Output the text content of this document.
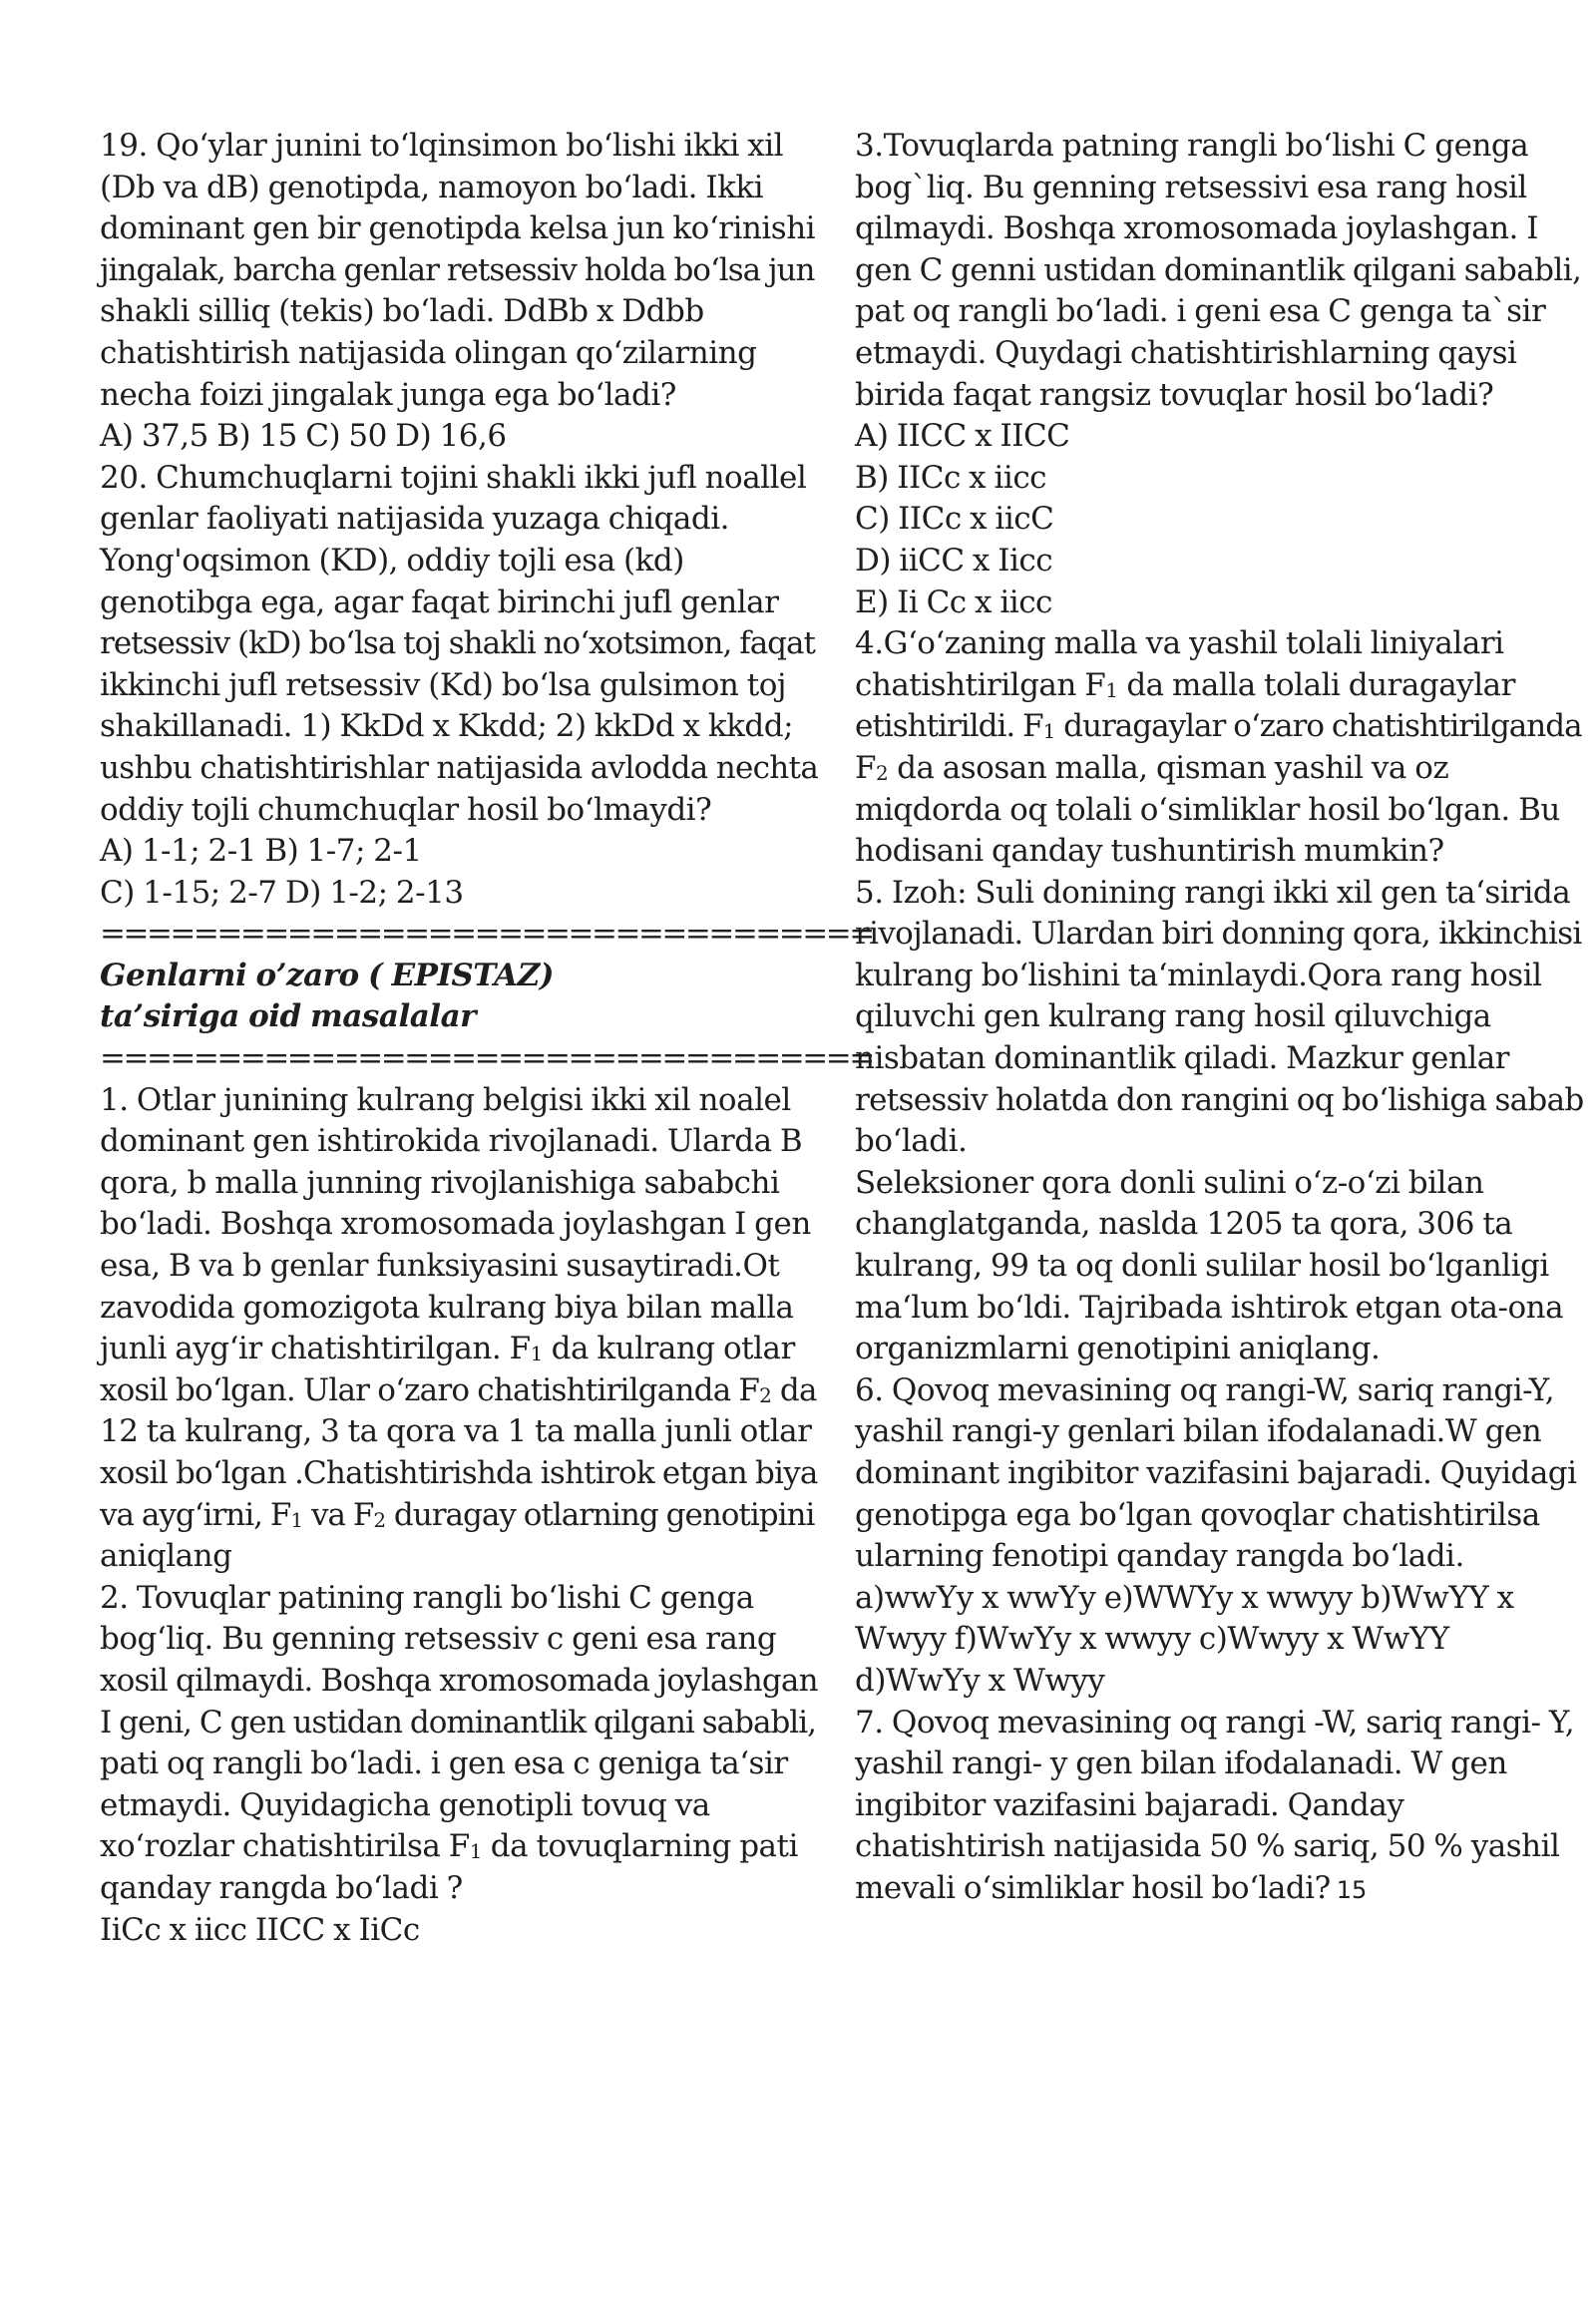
19. Qo‘ylar junini to‘lqinsimon bo‘lishi ikki xil
(Db va dB) genotipda, namoyon bo‘ladi. Ikki
dominant gen bir genotipda kelsa jun ko‘rinishi
jingalak, barcha genlar retsessiv holda bo‘lsa jun
shakli silliq (tekis) bo‘ladi. DdBb x Ddbb
chatishtirish natijasida olingan qo‘zilarning
necha foizi jingalak junga ega bo‘ladi?
A) 37,5 B) 15 C) 50 D) 16,6
20. Chumchuqlarni tojini shakli ikki jufl noallel
genlar faoliyati natijasida yuzaga chiqadi.
Yong'oqsimon (KD), oddiy tojli esa (kd)
genotibga ega, agar faqat birinchi jufl genlar
retsessiv (kD) bo‘lsa toj shakli no‘xotsimon, faqat
ikkinchi jufl retsessiv (Kd) bo‘lsa gulsimon toj
shakillanadi. 1) KkDd x Kkdd; 2) kkDd x kkdd;
ushbu chatishtirishlar natijasida avlodda nechta
oddiy tojli chumchuqlar hosil bo‘lmaydi?
A) 1-1; 2-1 B) 1-7; 2-1
C) 1-15; 2-7 D) 1-2; 2-13
=================================
Genlarni o’zaro ( EPISTAZ)
ta’siriga oid masalalar
=================================
1. Otlar junining kulrang belgisi ikki xil noalel
dominant gen ishtirokida rivojlanadi. Ularda B
qora, b malla junning rivojlanishiga sababchi
bo‘ladi. Boshqa xromosomada joylashgan I gen
esa, B va b genlar funksiyasini susaytiradi.Ot
zavodida gomozigota kulrang biya bilan malla
junli ayg‘ir chatishtirilgan. F1 da kulrang otlar
xosil bo‘lgan. Ular o‘zaro chatishtirilganda F2 da
12 ta kulrang, 3 ta qora va 1 ta malla junli otlar
xosil bo‘lgan .Chatishtirishda ishtirok etgan biya
va ayg‘irni, F1 va F2 duragay otlarning genotipini
aniqlang
2. Tovuqlar patining rangli bo‘lishi C genga
bog‘liq. Bu genning retsessiv c geni esa rang
xosil qilmaydi. Boshqa xromosomada joylashgan
I geni, C gen ustidan dominantlik qilgani sababli,
pati oq rangli bo‘ladi. i gen esa c geniga ta‘sir
etmaydi. Quyidagicha genotipli tovuq va
xo‘rozlar chatishtirilsa F1 da tovuqlarning pati
qanday rangda bo‘ladi ?
IiCc x iicc IICC x IiCc
3.Tovuqlarda patning rangli bo‘lishi C genga
bog`liq. Bu genning retsessivi esa rang hosil
qilmaydi. Boshqa xromosomada joylashgan. I
gen C genni ustidan dominantlik qilgani sababli,
pat oq rangli bo‘ladi. i geni esa C genga ta`sir
etmaydi. Quydagi chatishtirishlarning qaysi
birida faqat rangsiz tovuqlar hosil bo‘ladi?
A) IICC x IICC
B) IICc x iicc
C) IICc x iicC
D) iiCC x Iicc
E) Ii Cc x iicc
4.G‘o‘zaning malla va yashil tolali liniyalari
chatishtirilgan F1 da malla tolali duragaylar
etishtirildi. F1 duragaylar o‘zaro chatishtirilganda
F2 da asosan malla, qisman yashil va oz
miqdorda oq tolali o‘simliklar hosil bo‘lgan. Bu
hodisani qanday tushuntirish mumkin?
5. Izoh: Suli donining rangi ikki xil gen ta‘sirida
rivojlanadi. Ulardan biri donning qora, ikkinchisi
kulrang bo‘lishini ta‘minlaydi.Qora rang hosil
qiluvchi gen kulrang rang hosil qiluvchiga
nisbatan dominantlik qiladi. Mazkur genlar
retsessiv holatda don rangini oq bo‘lishiga sabab
bo‘ladi.
Seleksioner qora donli sulini o‘z-o‘zi bilan
changlatganda, naslda 1205 ta qora, 306 ta
kulrang, 99 ta oq donli sulilar hosil bo‘lganligi
ma‘lum bo‘ldi. Tajribada ishtirok etgan ota-ona
organizmlarni genotipini aniqlang.
6. Qovoq mevasining oq rangi-W, sariq rangi-Y,
yashil rangi-y genlari bilan ifodalanadi.W gen
dominant ingibitor vazifasini bajaradi. Quyidagi
genotipga ega bo‘lgan qovoqlar chatishtirilsa
ularning fenotipi qanday rangda bo‘ladi.
a)wwYy x wwYy e)WWYy x wwyy b)WwYY x
Wwyy f)WwYy x wwyy c)Wwyy x WwYY
d)WwYy x Wwyy
7. Qovoq mevasining oq rangi -W, sariq rangi- Y,
yashil rangi- y gen bilan ifodalanadi. W gen
ingibitor vazifasini bajaradi. Qanday
chatishtirish natijasida 50 % sariq, 50 % yashil
mevali o‘simliklar hosil bo‘ladi? 15
